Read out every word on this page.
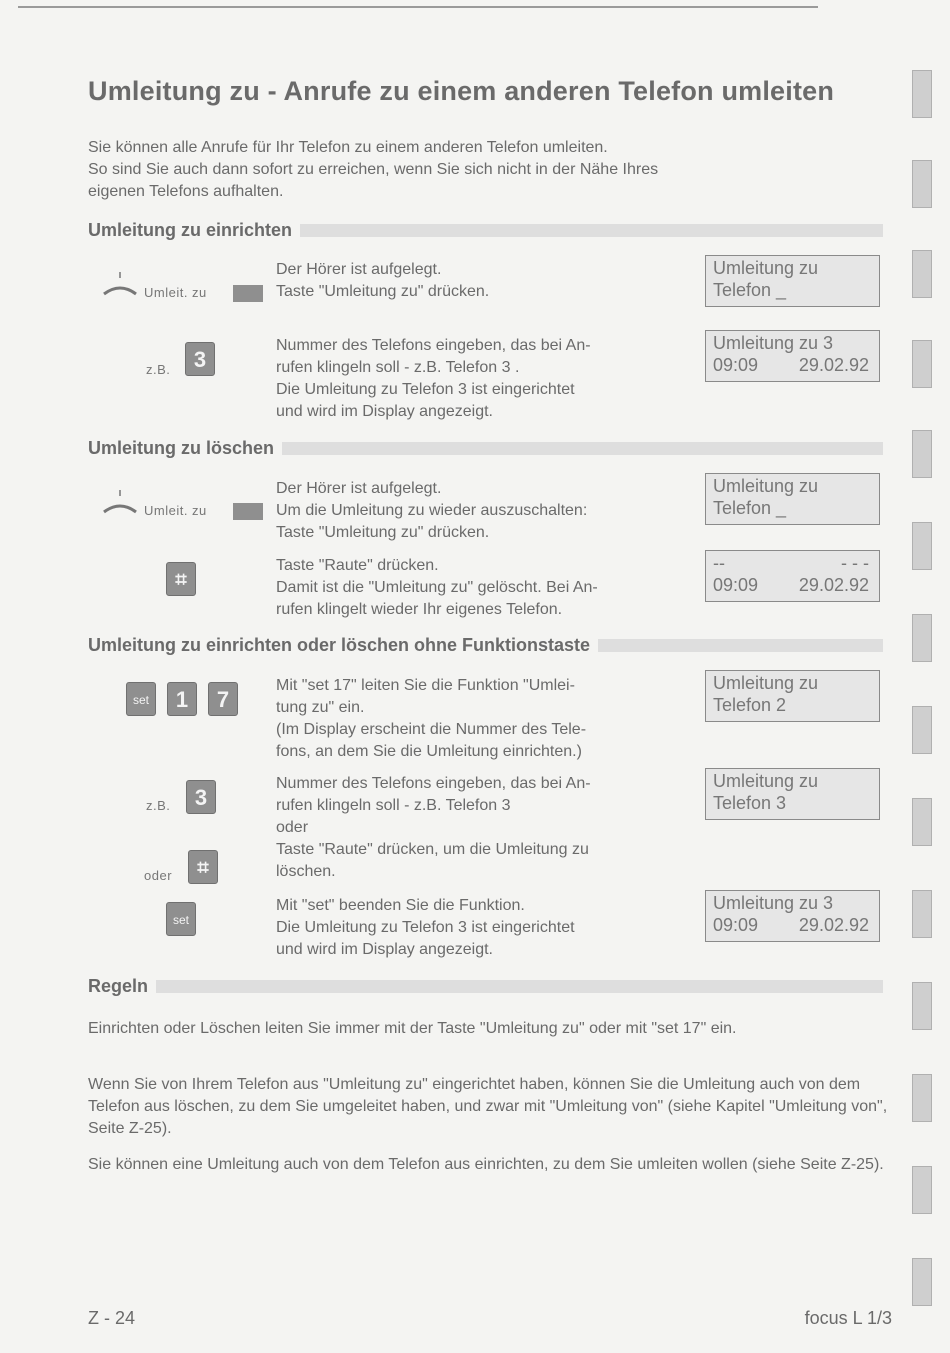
Umleitung zu - Anrufe zu einem anderen Telefon umleiten
Sie können alle Anrufe für Ihr Telefon zu einem anderen Telefon umleiten.
So sind Sie auch dann sofort zu erreichen, wenn Sie sich nicht in der Nähe Ihres
eigenen Telefons aufhalten.
Umleitung zu einrichten
Umleit. zu
Der Hörer ist aufgelegt.
Taste "Umleitung zu" drücken.
Umleitung zu
Telefon _
z.B.	3
Nummer des Telefons eingeben, das bei An-
rufen klingeln soll - z.B. Telefon 3 .
Die Umleitung zu Telefon 3 ist eingerichtet
und wird im Display angezeigt.
Umleitung zu 3
09:09 29.02.92
Umleitung zu löschen
Umleit. zu
Der Hörer ist aufgelegt.
Um die Umleitung zu wieder auszuschalten:
Taste "Umleitung zu" drücken.
Umleitung zu
Telefon _
⌗
Taste "Raute" drücken.
Damit ist die "Umleitung zu" gelöscht. Bei An-
rufen klingelt wieder Ihr eigenes Telefon.
--	- - -
09:09 29.02.92
Umleitung zu einrichten oder löschen ohne Funktionstaste
set	1	7
Mit "set 17" leiten Sie die Funktion "Umlei-
tung zu" ein.
(Im Display erscheint die Nummer des Tele-
fons, an dem Sie die Umleitung einrichten.)
Umleitung zu
Telefon 2
z.B.	3
oder	⌗
Nummer des Telefons eingeben, das bei An-
rufen klingeln soll - z.B. Telefon 3
oder
Taste "Raute" drücken, um die Umleitung zu
löschen.
Umleitung zu
Telefon 3
set
Mit "set" beenden Sie die Funktion.
Die Umleitung zu Telefon 3 ist eingerichtet
und wird im Display angezeigt.
Umleitung zu 3
09:09 29.02.92
Regeln
Einrichten oder Löschen leiten Sie immer mit der Taste "Umleitung zu" oder mit "set 17" ein.
Wenn Sie von Ihrem Telefon aus "Umleitung zu" eingerichtet haben, können Sie die Umleitung auch von dem Telefon aus löschen, zu dem Sie umgeleitet haben, und zwar mit "Umleitung von" (siehe Kapitel "Umleitung von", Seite Z-25).
Sie können eine Umleitung auch von dem Telefon aus einrichten, zu dem Sie umleiten wollen (siehe Seite Z-25).
Z - 24	focus L 1/3
